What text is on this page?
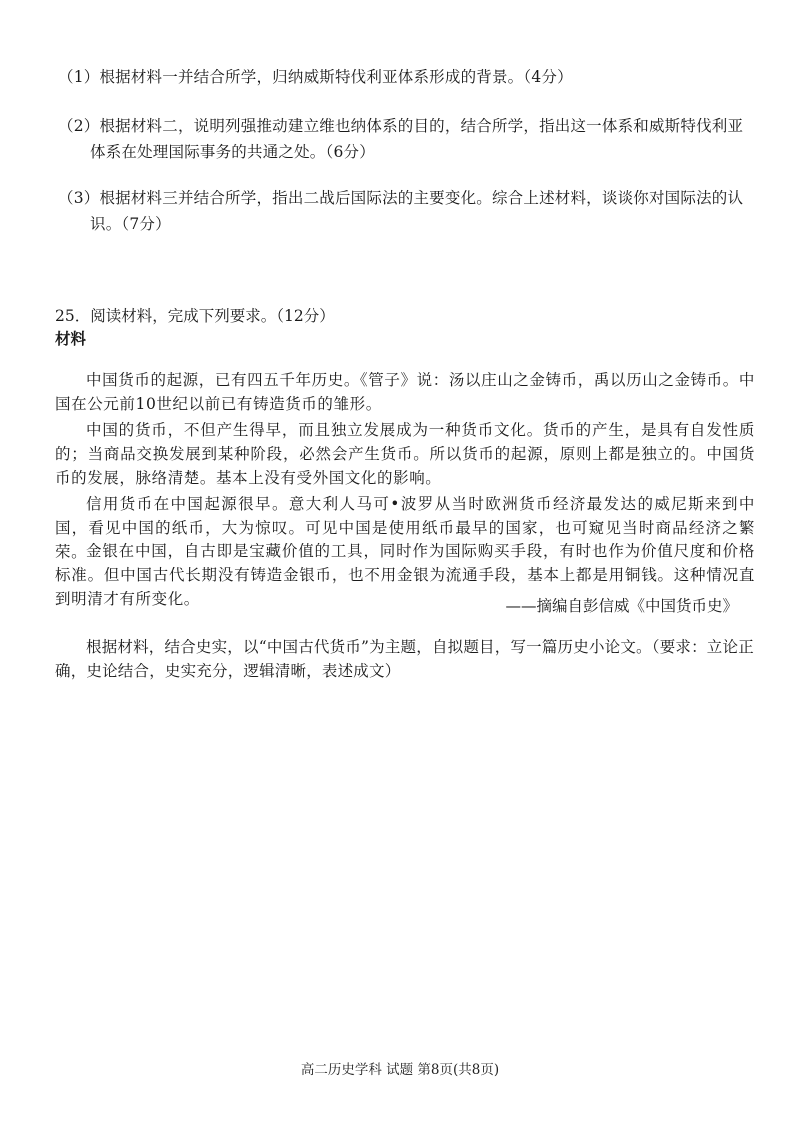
（1）根据材料一并结合所学，归纳威斯特伐利亚体系形成的背景。（4分）
（2）根据材料二，说明列强推动建立维也纳体系的目的，结合所学，指出这一体系和威斯特伐利亚
体系在处理国际事务的共通之处。（6分）
（3）根据材料三并结合所学，指出二战后国际法的主要变化。综合上述材料，谈谈你对国际法的认
识。（7分）
25．阅读材料，完成下列要求。（12分）
材料

中国货币的起源，已有四五千年历史。《管子》说：汤以庄山之金铸币，禹以历山之金铸币。中国在公元前10世纪以前已有铸造货币的雏形。

中国的货币，不但产生得早，而且独立发展成为一种货币文化。货币的产生，是具有自发性质的；当商品交换发展到某种阶段，必然会产生货币。所以货币的起源，原则上都是独立的。中国货币的发展，脉络清楚。基本上没有受外国文化的影响。

信用货币在中国起源很早。意大利人马可•波罗从当时欧洲货币经济最发达的威尼斯来到中国，看见中国的纸币，大为惊叹。可见中国是使用纸币最早的国家，也可窥见当时商品经济之繁荣。

金银在中国，自古即是宝藏价值的工具，同时作为国际购买手段，有时也作为价值尺度和价格标准。但中国古代长期没有铸造金银币，也不用金银为流通手段，基本上都是用铜钱。这种情况直到明清才有所变化。	——摘编自彭信威《中国货币史》

根据材料，结合史实，以“中国古代货币”为主题，自拟题目，写一篇历史小论文。（要求：立论正确，史论结合，史实充分，逻辑清晰，表述成文）

高二历史学科 试题 第8页(共8页)
